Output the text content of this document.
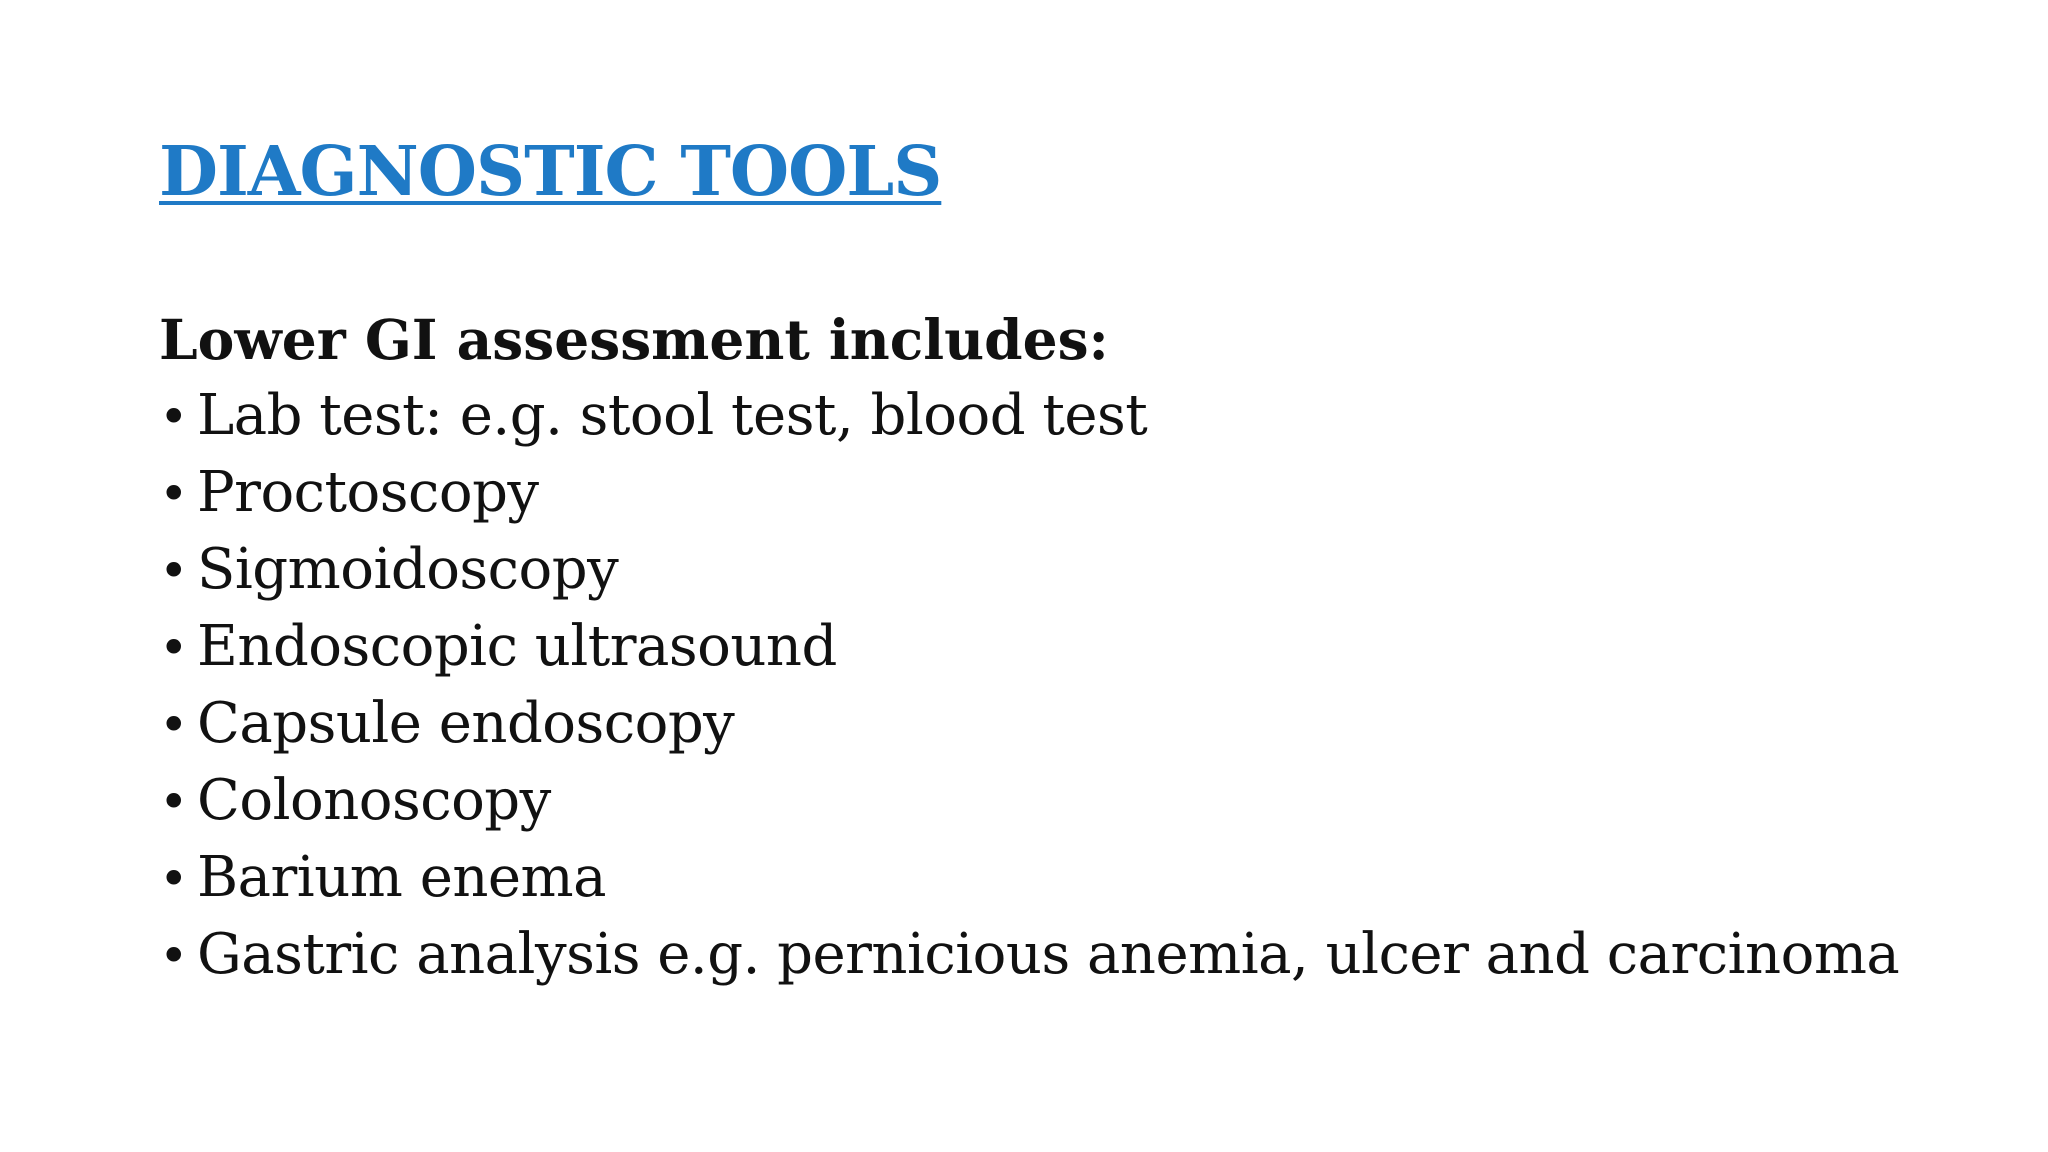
DIAGNOSTIC TOOLS

Lower GI assessment includes:

• Lab test: e.g. stool test, blood test
• Proctoscopy
• Sigmoidoscopy
• Endoscopic ultrasound
• Capsule endoscopy
• Colonoscopy
• Barium enema
• Gastric analysis e.g. pernicious anemia, ulcer and carcinoma
